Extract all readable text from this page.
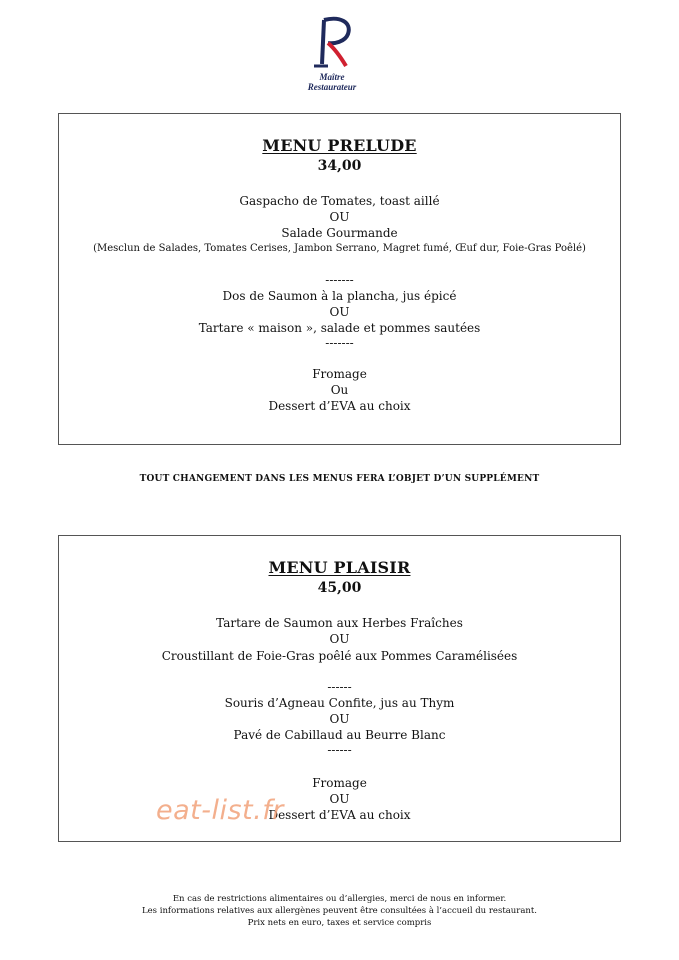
Maître
Restaurateur
MENU PRELUDE
34,00
Gaspacho de Tomates, toast aillé
OU
Salade Gourmande
(Mesclun de Salades, Tomates Cerises, Jambon Serrano, Magret fumé, Œuf dur, Foie-Gras Poêlé)
-------
Dos de Saumon à la plancha, jus épicé
OU
Tartare « maison », salade et pommes sautées
-------
Fromage
Ou
Dessert d’EVA au choix
TOUT CHANGEMENT DANS LES MENUS FERA L’OBJET D’UN SUPPLÉMENT
MENU PLAISIR
45,00
Tartare de Saumon aux Herbes Fraîches
OU
Croustillant de Foie-Gras poêlé aux Pommes Caramélisées
------
Souris d’Agneau Confite, jus au Thym
OU
Pavé de Cabillaud au Beurre Blanc
------
Fromage
OU
Dessert d’EVA au choix
eat-list.fr
En cas de restrictions alimentaires ou d’allergies, merci de nous en informer.
Les informations relatives aux allergènes peuvent être consultées à l’accueil du restaurant.
Prix nets en euro, taxes et service compris
